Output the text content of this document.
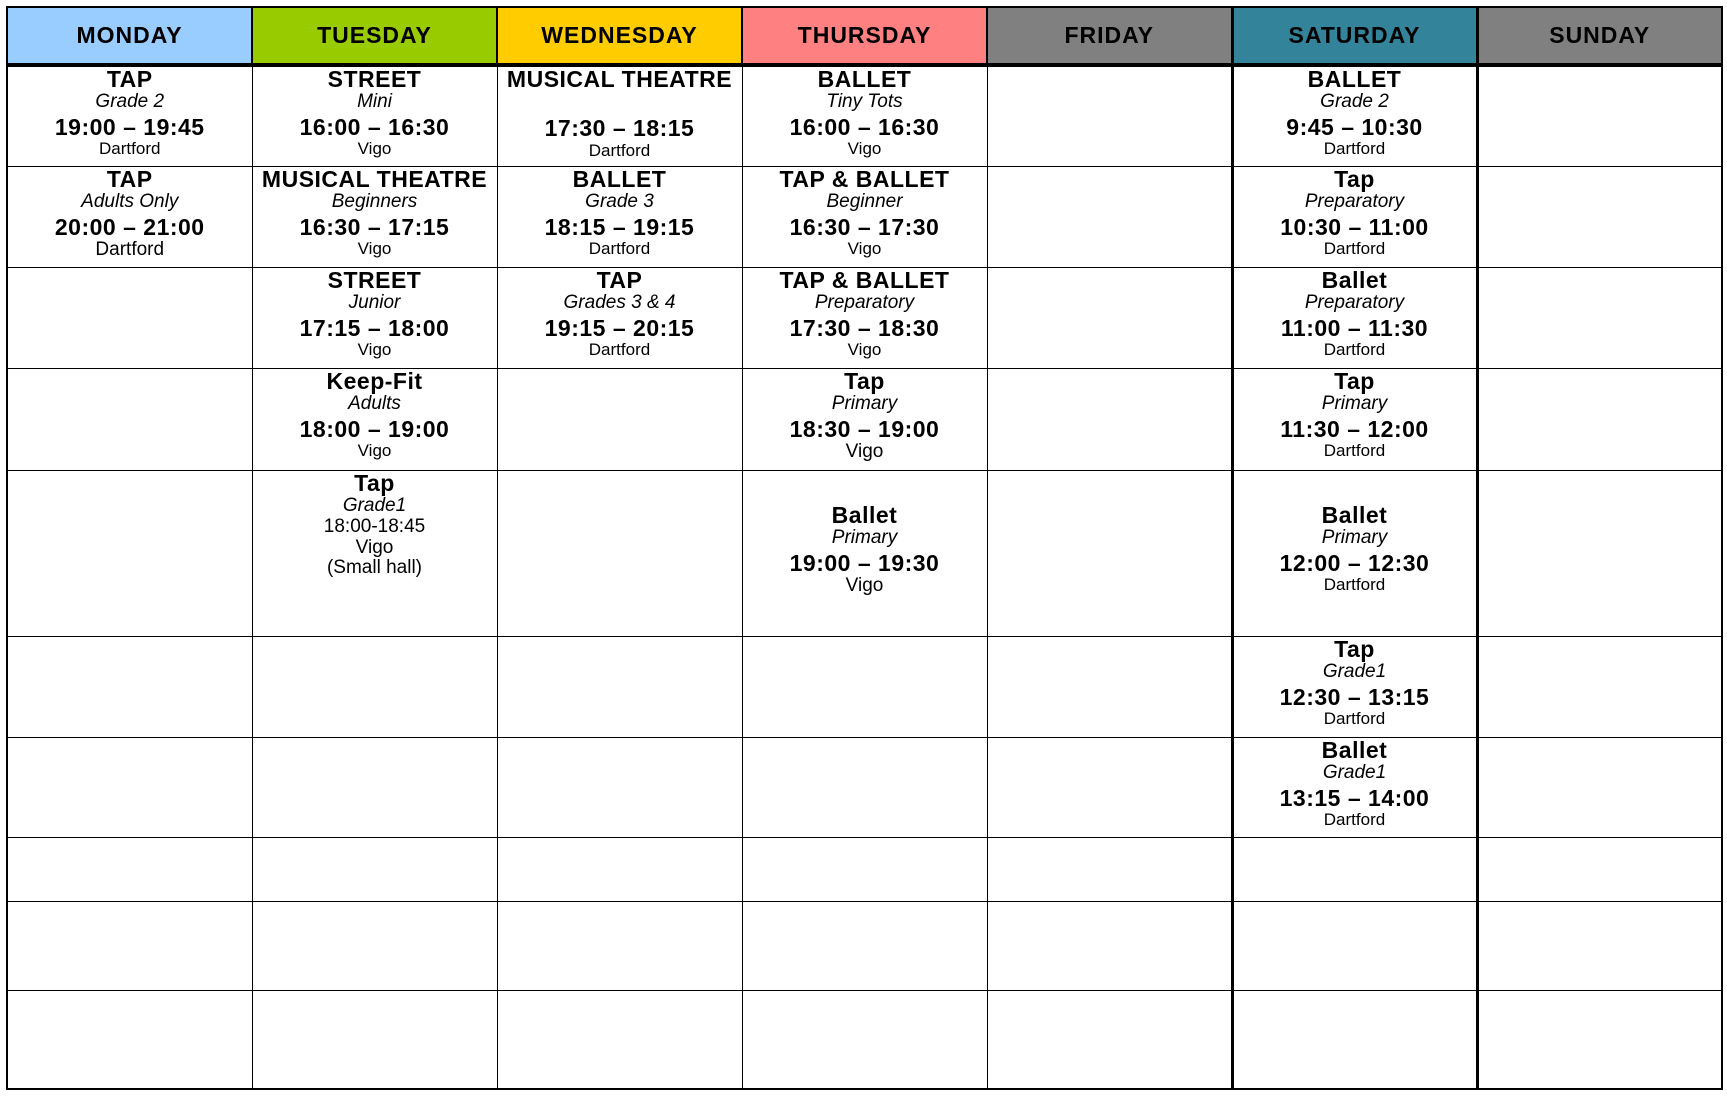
MONDAY	TUESDAY	WEDNESDAY	THURSDAY	FRIDAY	SATURDAY	SUNDAY

TAP
Grade 2
19:00 – 19:45
Dartford	STREET
Mini
16:00 – 16:30
Vigo	MUSICAL THEATRE
17:30 – 18:15
Dartford	BALLET
Tiny Tots
16:00 – 16:30
Vigo		BALLET
Grade 2
9:45 – 10:30
Dartford	

TAP
Adults Only
20:00 – 21:00
Dartford	MUSICAL THEATRE
Beginners
16:30 – 17:15
Vigo	BALLET
Grade 3
18:15 – 19:15
Dartford	TAP & BALLET
Beginner
16:30 – 17:30
Vigo		Tap
Preparatory
10:30 – 11:00
Dartford	

	STREET
Junior
17:15 – 18:00
Vigo	TAP
Grades 3 & 4
19:15 – 20:15
Dartford	TAP & BALLET
Preparatory
17:30 – 18:30
Vigo		Ballet
Preparatory
11:00 – 11:30
Dartford	

	Keep-Fit
Adults
18:00 – 19:00
Vigo		Tap
Primary
18:30 – 19:00
Vigo		Tap
Primary
11:30 – 12:00
Dartford	

	Tap
Grade1
18:00-18:45
Vigo
(Small hall)		Ballet
Primary
19:00 – 19:30
Vigo		Ballet
Primary
12:00 – 12:30
Dartford	

					Tap
Grade1
12:30 – 13:15
Dartford	

					Ballet
Grade1
13:15 – 14:00
Dartford	
